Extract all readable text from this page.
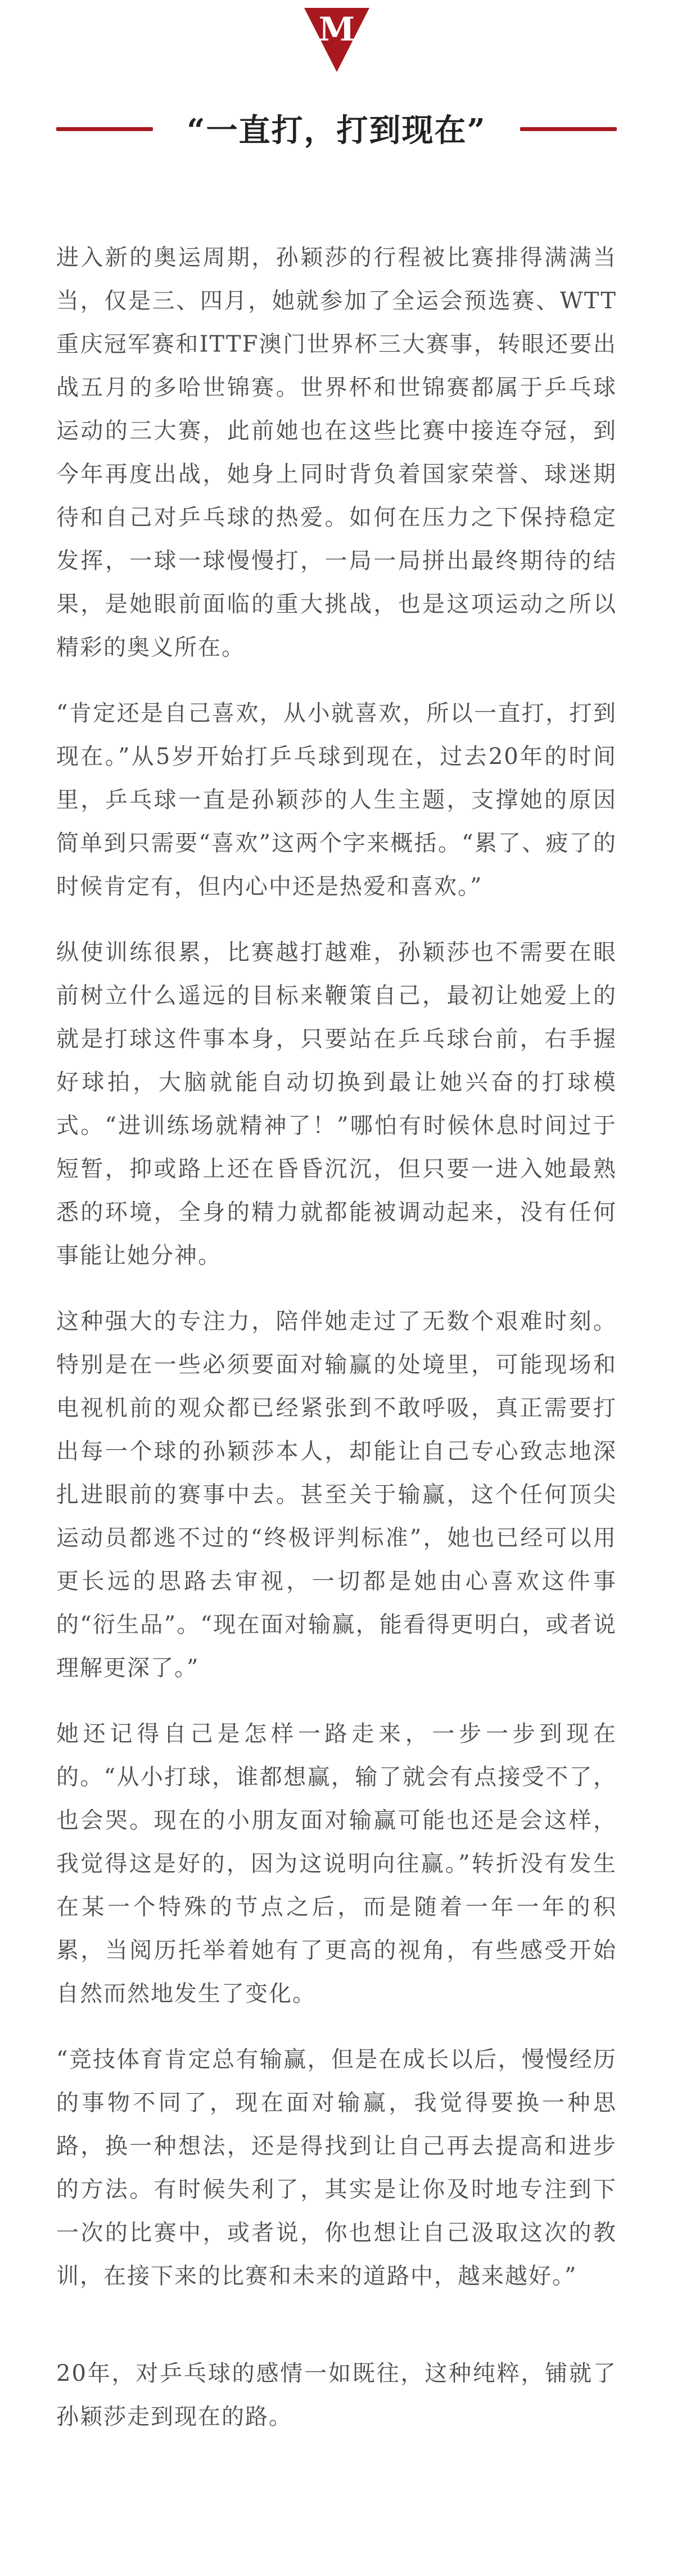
M
“一直打，打到现在”

进入新的奥运周期，孙颖莎的行程被比赛排得满满当当，仅是三、四月，她就参加了全运会预选赛、WTT重庆冠军赛和ITTF澳门世界杯三大赛事，转眼还要出战五月的多哈世锦赛。世界杯和世锦赛都属于乒乓球运动的三大赛，此前她也在这些比赛中接连夺冠，到今年再度出战，她身上同时背负着国家荣誉、球迷期待和自己对乒乓球的热爱。如何在压力之下保持稳定发挥，一球一球慢慢打，一局一局拼出最终期待的结果，是她眼前面临的重大挑战，也是这项运动之所以精彩的奥义所在。

“肯定还是自己喜欢，从小就喜欢，所以一直打，打到现在。”从5岁开始打乒乓球到现在，过去20年的时间里，乒乓球一直是孙颖莎的人生主题，支撑她的原因简单到只需要“喜欢”这两个字来概括。“累了、疲了的时候肯定有，但内心中还是热爱和喜欢。”

纵使训练很累，比赛越打越难，孙颖莎也不需要在眼前树立什么遥远的目标来鞭策自己，最初让她爱上的就是打球这件事本身，只要站在乒乓球台前，右手握好球拍，大脑就能自动切换到最让她兴奋的打球模式。“进训练场就精神了！”哪怕有时候休息时间过于短暂，抑或路上还在昏昏沉沉，但只要一进入她最熟悉的环境，全身的精力就都能被调动起来，没有任何事能让她分神。

这种强大的专注力，陪伴她走过了无数个艰难时刻。特别是在一些必须要面对输赢的处境里，可能现场和电视机前的观众都已经紧张到不敢呼吸，真正需要打出每一个球的孙颖莎本人，却能让自己专心致志地深扎进眼前的赛事中去。甚至关于输赢，这个任何顶尖运动员都逃不过的“终极评判标准”，她也已经可以用更长远的思路去审视，一切都是她由心喜欢这件事的“衍生品”。“现在面对输赢，能看得更明白，或者说理解更深了。”

她还记得自己是怎样一路走来，一步一步到现在的。“从小打球，谁都想赢，输了就会有点接受不了，也会哭。现在的小朋友面对输赢可能也还是会这样，我觉得这是好的，因为这说明向往赢。”转折没有发生在某一个特殊的节点之后，而是随着一年一年的积累，当阅历托举着她有了更高的视角，有些感受开始自然而然地发生了变化。

“竞技体育肯定总有输赢，但是在成长以后，慢慢经历的事物不同了，现在面对输赢，我觉得要换一种思路，换一种想法，还是得找到让自己再去提高和进步的方法。有时候失利了，其实是让你及时地专注到下一次的比赛中，或者说，你也想让自己汲取这次的教训，在接下来的比赛和未来的道路中，越来越好。”

20年，对乒乓球的感情一如既往，这种纯粹，铺就了孙颖莎走到现在的路。
